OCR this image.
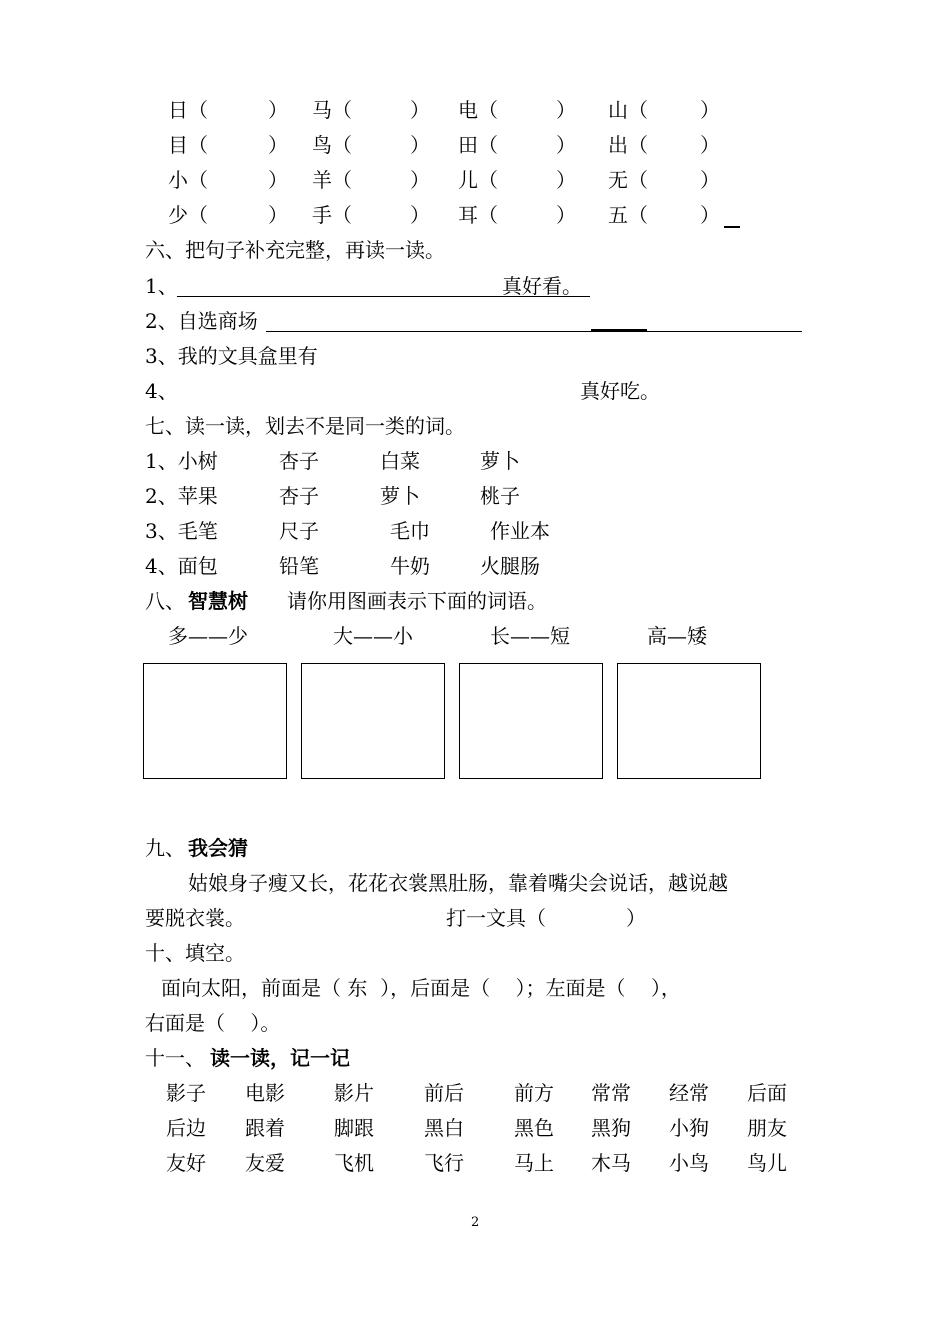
日（	） 马（	） 电（	） 山（	）
目（	） 鸟（	） 田（	） 出（	）
小（	） 羊（	） 儿（	） 无（	）
少（	） 手（	） 耳（	） 五（	）
六、把句子补充完整，再读一读。
1、	真好看。
2、自选商场
3、我的文具盒里有
4、	真好吃。
七、读一读，划去不是同一类的词。
1、小树	杏子	白菜	萝卜
2、苹果	杏子	萝卜	桃子
3、毛笔	尺子	毛巾	作业本
4、面包	铅笔	牛奶	火腿肠
八、 智慧树 请你用图画表示下面的词语。
多——少	大——小	长——短	高—矮
九、 我会猜
姑娘身子瘦又长，花花衣裳黑肚肠，靠着嘴尖会说话，越说越
要脱衣裳。	打一文具（	）
十、填空。
面向太阳，前面是（ 东  ），后面是（    ）；左面是（    ），
右面是（    ）。
十一、 读一读，记一记
影子 电影 影片	前后	前方 常常 经常 后面
后边 跟着 脚跟	黑白	黑色 黑狗 小狗 朋友
友好 友爱 飞机	飞行	马上 木马 小鸟 鸟儿
2
